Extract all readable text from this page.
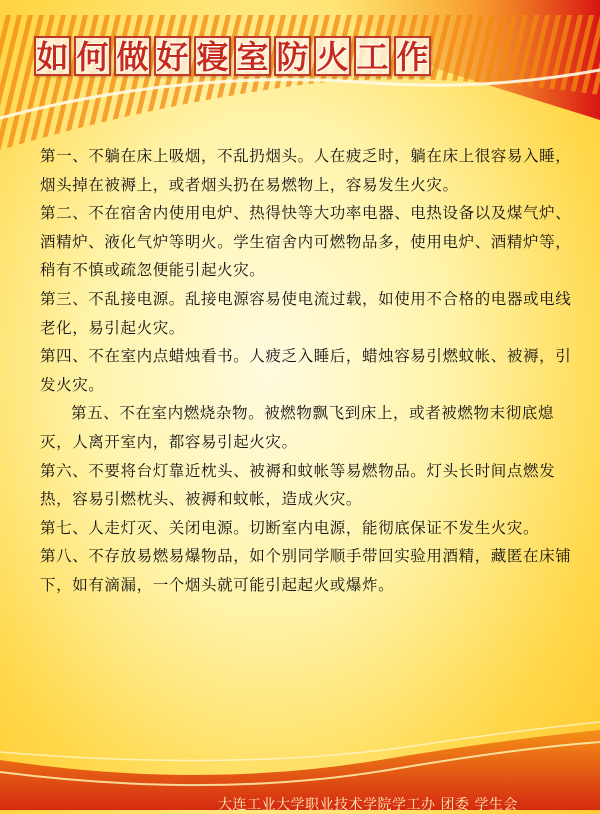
如 何 做 好 寝 室 防 火 工 作

第一、不躺在床上吸烟，不乱扔烟头。人在疲乏时，躺在床上很容易入睡，烟头掉在被褥上，或者烟头扔在易燃物上，容易发生火灾。

第二、不在宿舍内使用电炉、热得快等大功率电器、电热设备以及煤气炉、酒精炉、液化气炉等明火。学生宿舍内可燃物品多，使用电炉、酒精炉等，稍有不慎或疏忽便能引起火灾。

第三、不乱接电源。乱接电源容易使电流过载，如使用不合格的电器或电线老化，易引起火灾。

第四、不在室内点蜡烛看书。人疲乏入睡后，蜡烛容易引燃蚊帐、被褥，引发火灾。

第五、不在室内燃烧杂物。被燃物飘飞到床上，或者被燃物末彻底熄灭，人离开室内，都容易引起火灾。

第六、不要将台灯靠近枕头、被褥和蚊帐等易燃物品。灯头长时间点燃发热，容易引燃枕头、被褥和蚊帐，造成火灾。

第七、人走灯灭、关闭电源。切断室内电源，能彻底保证不发生火灾。

第八、不存放易燃易爆物品，如个别同学顺手带回实验用酒精，藏匿在床铺下，如有滴漏，一个烟头就可能引起起火或爆炸。

大连工业大学职业技术学院学工办 团委 学生会
